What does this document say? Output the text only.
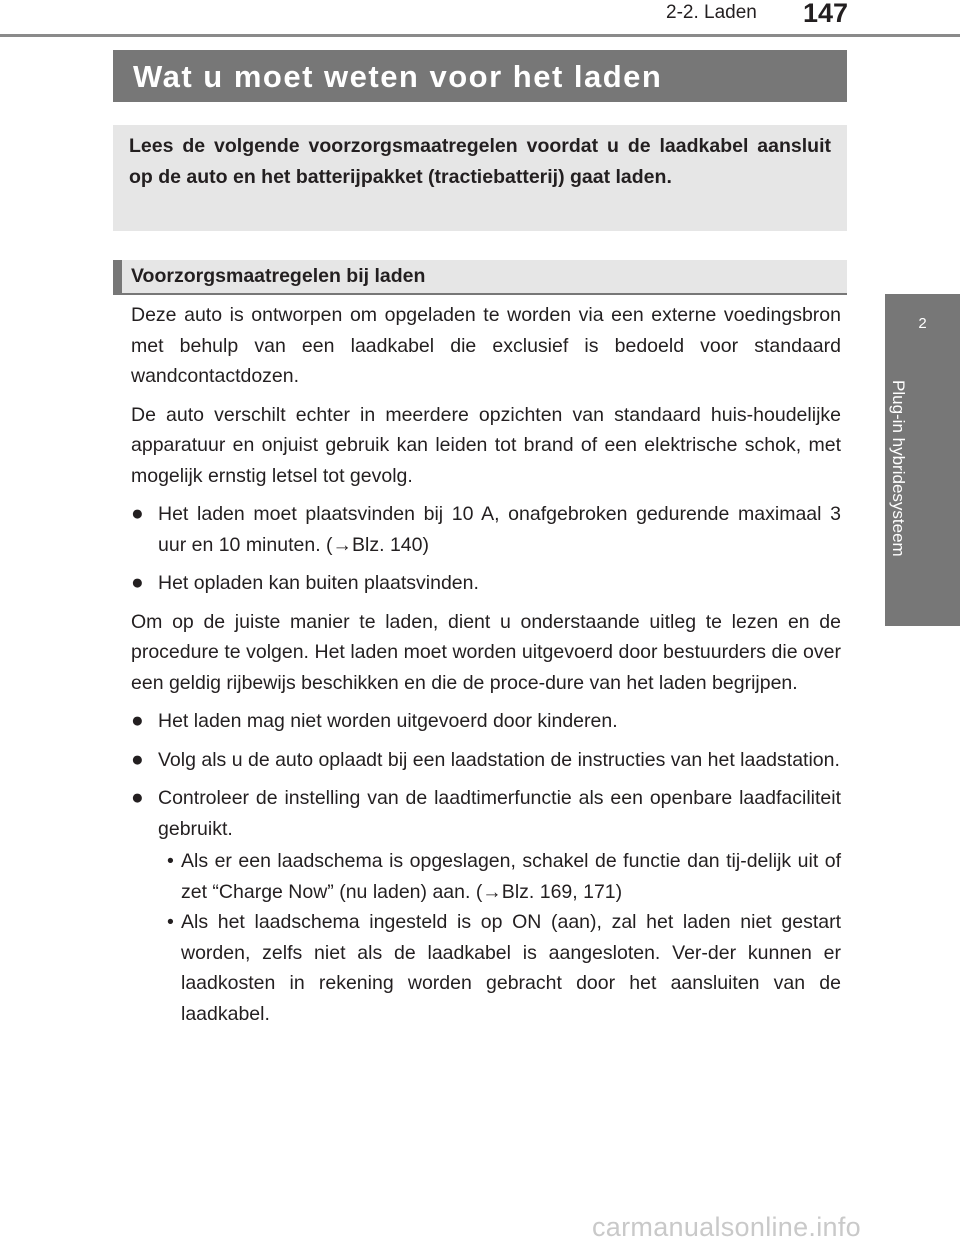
2-2. Laden 147
2
Plug-in hybridesysteem
Wat u moet weten voor het laden

Lees de volgende voorzorgsmaatregelen voordat u de laadkabel aansluit op de auto en het batterijpakket (tractiebatterij) gaat laden.

Voorzorgsmaatregelen bij laden

Deze auto is ontworpen om opgeladen te worden via een externe voedingsbron met behulp van een laadkabel die exclusief is bedoeld voor standaard wandcontactdozen.

De auto verschilt echter in meerdere opzichten van standaard huis-houdelijke apparatuur en onjuist gebruik kan leiden tot brand of een elektrische schok, met mogelijk ernstig letsel tot gevolg.

● Het laden moet plaatsvinden bij 10 A, onafgebroken gedurende maximaal 3 uur en 10 minuten. (→Blz. 140)
● Het opladen kan buiten plaatsvinden.

Om op de juiste manier te laden, dient u onderstaande uitleg te lezen en de procedure te volgen. Het laden moet worden uitgevoerd door bestuurders die over een geldig rijbewijs beschikken en die de proce-dure van het laden begrijpen.

● Het laden mag niet worden uitgevoerd door kinderen.
● Volg als u de auto oplaadt bij een laadstation de instructies van het laadstation.
● Controleer de instelling van de laadtimerfunctie als een openbare laadfaciliteit gebruikt.
• Als er een laadschema is opgeslagen, schakel de functie dan tij-delijk uit of zet “Charge Now” (nu laden) aan. (→Blz. 169, 171)
• Als het laadschema ingesteld is op ON (aan), zal het laden niet gestart worden, zelfs niet als de laadkabel is aangesloten. Ver-der kunnen er laadkosten in rekening worden gebracht door het aansluiten van de laadkabel.
carmanualsonline.info
